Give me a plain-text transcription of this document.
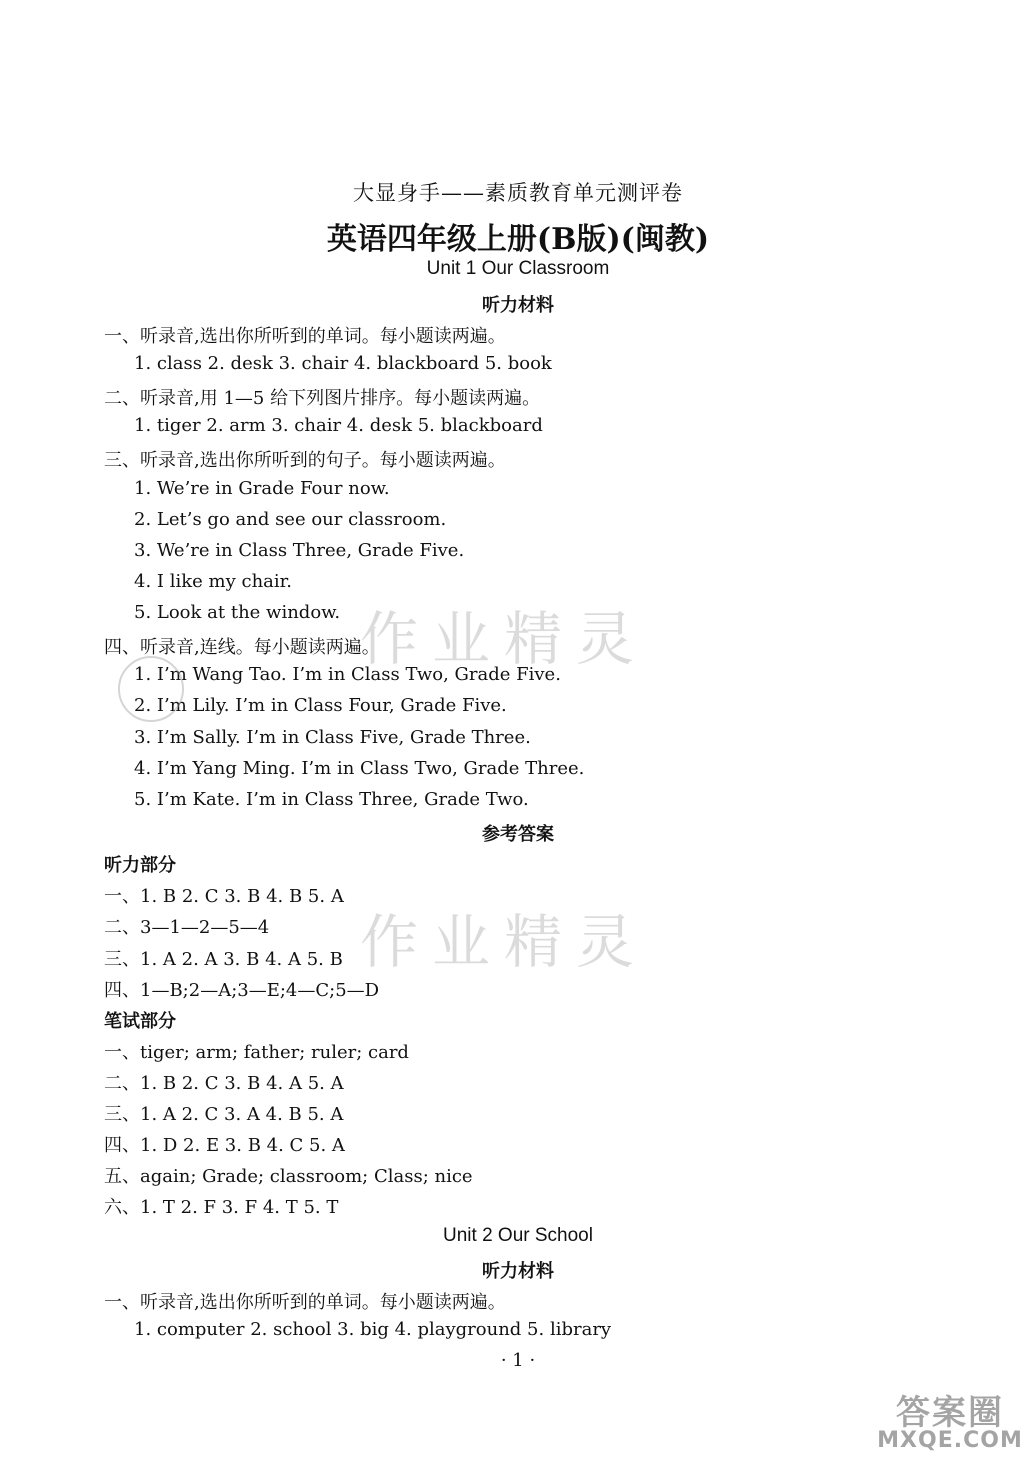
大显身手——素质教育单元测评卷
英语四年级上册(B版)(闽教)
Unit 1 Our Classroom
听力材料
一、听录音,选出你所听到的单词。每小题读两遍。
1. class 2. desk 3. chair 4. blackboard 5. book
二、听录音,用 1—5 给下列图片排序。每小题读两遍。
1. tiger 2. arm 3. chair 4. desk 5. blackboard
三、听录音,选出你所听到的句子。每小题读两遍。
1. We’re in Grade Four now.
2. Let’s go and see our classroom.
3. We’re in Class Three, Grade Five.
4. I like my chair.
5. Look at the window.
四、听录音,连线。每小题读两遍。
1. I’m Wang Tao. I’m in Class Two, Grade Five.
2. I’m Lily. I’m in Class Four, Grade Five.
3. I’m Sally. I’m in Class Five, Grade Three.
4. I’m Yang Ming. I’m in Class Two, Grade Three.
5. I’m Kate. I’m in Class Three, Grade Two.
参考答案
听力部分
一、1. B 2. C 3. B 4. B 5. A
二、3—1—2—5—4
三、1. A 2. A 3. B 4. A 5. B
四、1—B;2—A;3—E;4—C;5—D
笔试部分
一、tiger; arm; father; ruler; card
二、1. B 2. C 3. B 4. A 5. A
三、1. A 2. C 3. A 4. B 5. A
四、1. D 2. E 3. B 4. C 5. A
五、again; Grade; classroom; Class; nice
六、1. T 2. F 3. F 4. T 5. T
Unit 2 Our School
听力材料
一、听录音,选出你所听到的单词。每小题读两遍。
1. computer 2. school 3. big 4. playground 5. library
· 1 ·
作业精灵
作业精灵
答案圈
MXQE.COM
